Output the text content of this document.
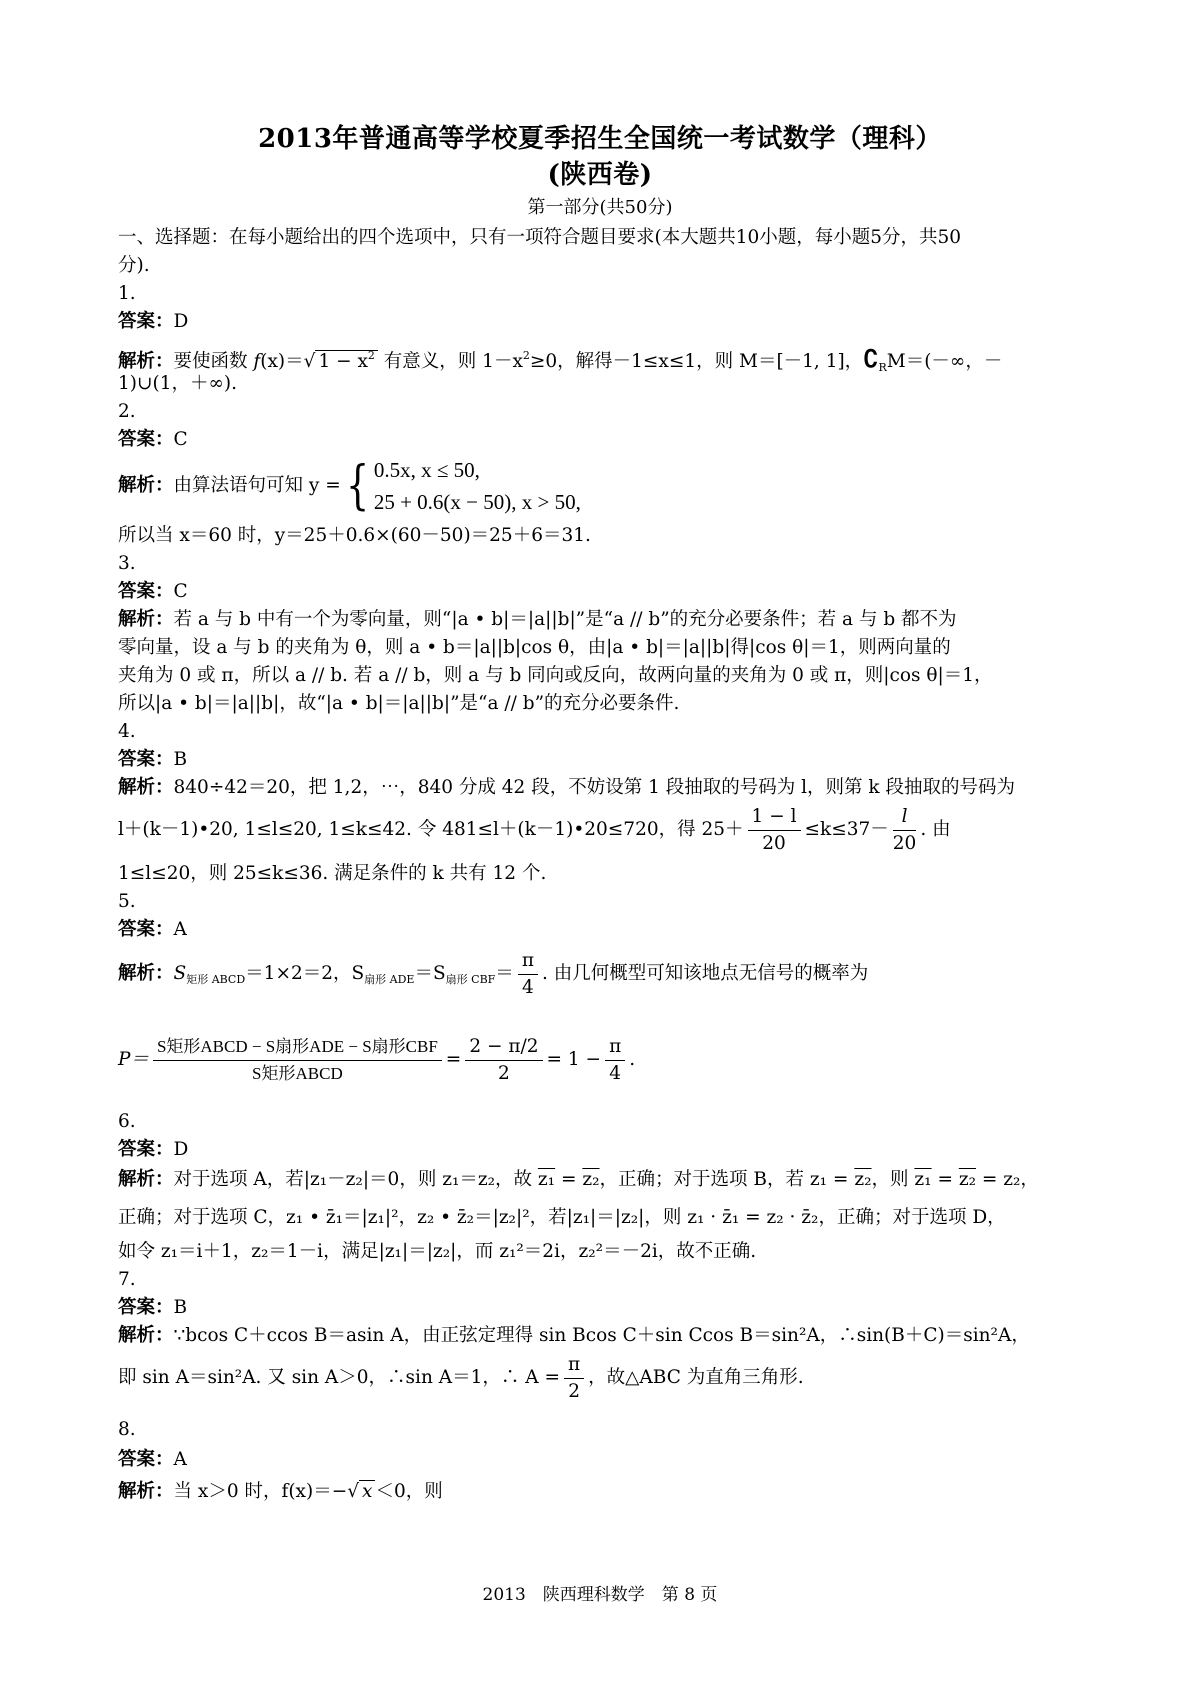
2013年普通高等学校夏季招生全国统一考试数学（理科）
(陕西卷)
第一部分(共50分)
一、选择题：在每小题给出的四个选项中，只有一项符合题目要求(本大题共10小题，每小题5分，共50
分).
1.
答案：D
解析：要使函数 f(x)＝√ $1 - x^2$ 有意义，则 $1-x^2\ge 0$，解得－1≤x≤1，则 M＝[－1, 1]，$∁_RM=(-\infty$，－
1)∪(1，＋∞).
2.
答案：C
解析：由算法语句可知 y ={ 0.5x, x ≤ 50,
25 + 0.6(x − 50), x > 50,
所以当 x＝60 时，y＝25＋0.6×(60－50)＝25＋6＝31.
3.
答案：C
解析：若 a 与 b 中有一个为零向量，则“|a • b|＝|a||b|”是“a // b”的充分必要条件；若 a 与 b 都不为
零向量，设 a 与 b 的夹角为 θ，则 a • b＝|a||b|cos θ，由|a • b|＝|a||b|得|cos θ|＝1，则两向量的
夹角为 0 或 π，所以 a // b. 若 a // b，则 a 与 b 同向或反向，故两向量的夹角为 0 或 π，则|cos θ|＝1，
所以|a • b|＝|a||b|，故“|a • b|＝|a||b|”是“a // b”的充分必要条件.
4.
答案：B
解析：840÷42＝20，把 1,2，⋯，840 分成 42 段，不妨设第 1 段抽取的号码为 l，则第 k 段抽取的号码为
l＋(k－1)•20, 1≤l≤20, 1≤k≤42. 令 481≤l＋(k－1)•20≤720，得 $25+ \frac{1 - l}{20} \le k\le 37- \frac{l}{20}$ . 由
1≤l≤20，则 25≤k≤36. 满足条件的 k 共有 12 个.
5.
答案：A
解析：$S_{矩形 ABCD}=1\times 2=2$，$S_{扇形 ADE}=S_{扇形 CBF}= \frac{\pi}{4}$ . 由几何概型可知该地点无信号的概率为
$P= \frac{\text{S矩形ABCD − S扇形ADE − S扇形CBF}}{\text{S矩形ABCD}} = \frac{2 - \pi/2}{2} = 1 - \frac{\pi}{4}$ .
6.
答案：D
解析：对于选项 A，若|z₁－z₂|＝0，则 z₁＝z₂，故 z₁ = z₂，正确；对于选项 B，若 z₁ = z₂，则 z₁ = z₂ = z₂，
正确；对于选项 C，z₁ • z̄₁＝|z₁|²，z₂ • z̄₂＝|z₂|²，若|z₁|＝|z₂|，则 z₁ · z̄₁ = z₂ · z̄₂，正确；对于选项 D，
如令 z₁＝i＋1，z₂＝1－i，满足|z₁|＝|z₂|，而 z₁²＝2i，z₂²＝－2i，故不正确.
7.
答案：B
解析：∵bcos C＋ccos B＝asin A，由正弦定理得 sin Bcos C＋sin Ccos B＝sin²A，∴sin(B＋C)＝sin²A，
即 sin A＝sin²A. 又 sin A＞0，∴sin A＝1，∴ $A = \frac{\pi}{2}$ ，故△ABC 为直角三角形.
8.
答案：A
解析：当 x＞0 时，f(x)＝−√ x ＜0，则
2013　陕西理科数学　第 8 页
